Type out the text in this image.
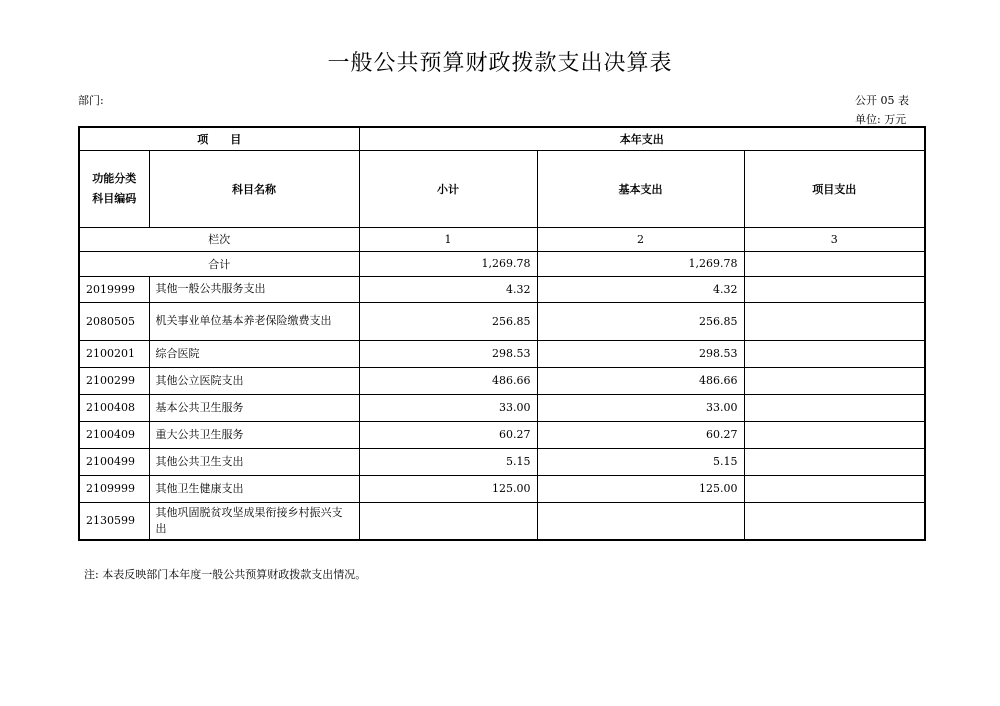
一般公共预算财政拨款支出决算表
部门:	公开 05 表
单位: 万元
项　　目		本年支出		
功能分类
科目编码	科目名称	小计	基本支出	项目支出
栏次		1	2	3
合计		1,269.78	1,269.78	
2019999	其他一般公共服务支出	4.32	4.32	
2080505	机关事业单位基本养老保险缴费支出	256.85	256.85	
2100201	综合医院	298.53	298.53	
2100299	其他公立医院支出	486.66	486.66	
2100408	基本公共卫生服务	33.00	33.00	
2100409	重大公共卫生服务	60.27	60.27	
2100499	其他公共卫生支出	5.15	5.15	
2109999	其他卫生健康支出	125.00	125.00	
2130599	其他巩固脱贫攻坚成果衔接乡村振兴支出			
注: 本表反映部门本年度一般公共预算财政拨款支出情况。
